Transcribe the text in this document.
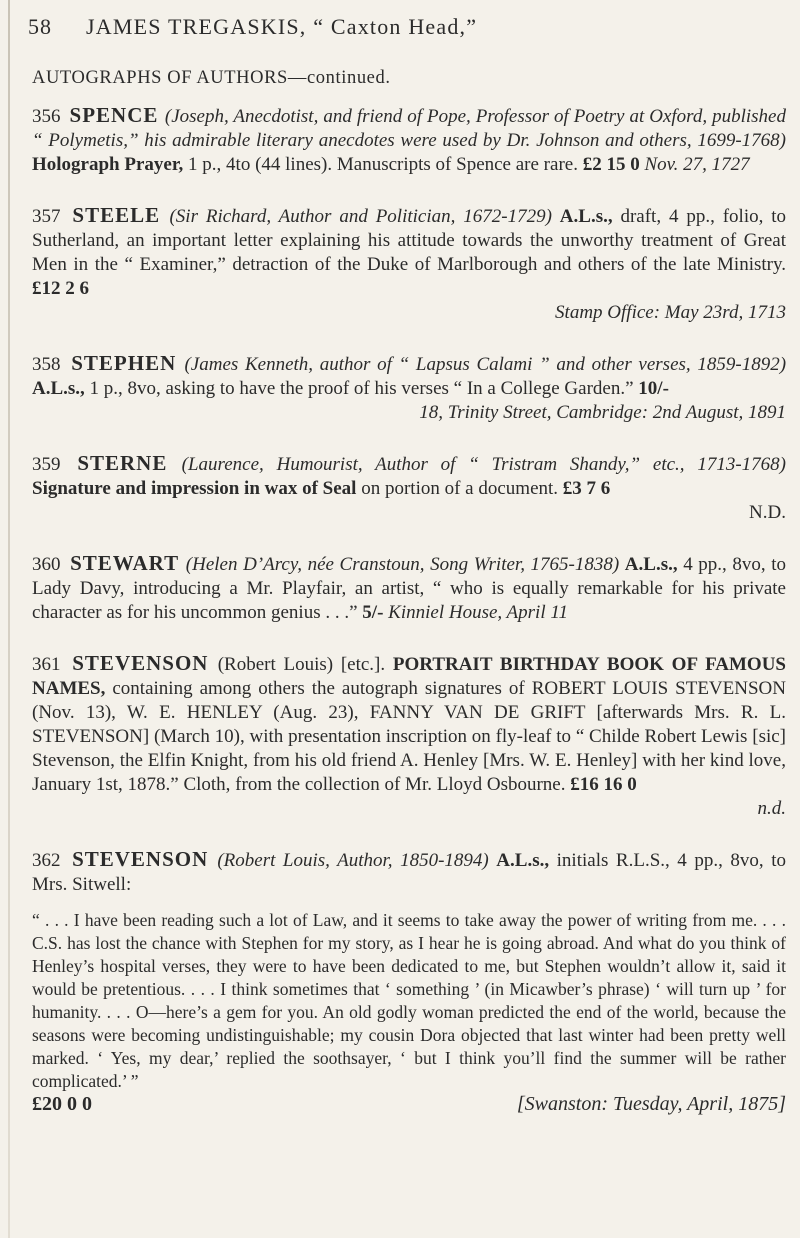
58 JAMES TREGASKIS, “ Caxton Head,”
AUTOGRAPHS OF AUTHORS—continued.
356 SPENCE (Joseph, Anecdotist, and friend of Pope, Professor of Poetry at Oxford, published “ Polymetis,” his admirable literary anecdotes were used by Dr. Johnson and others, 1699-1768) Holograph Prayer, 1 p., 4to (44 lines). Manuscripts of Spence are rare. £2 15 0 Nov. 27, 1727
357 STEELE (Sir Richard, Author and Politician, 1672-1729) A.L.s., draft, 4 pp., folio, to Sutherland, an important letter explaining his attitude towards the unworthy treatment of Great Men in the “ Examiner,” detraction of the Duke of Marlborough and others of the late Ministry. £12 2 6
Stamp Office: May 23rd, 1713
358 STEPHEN (James Kenneth, author of “ Lapsus Calami ” and other verses, 1859-1892) A.L.s., 1 p., 8vo, asking to have the proof of his verses “ In a College Garden.” 10/-
18, Trinity Street, Cambridge: 2nd August, 1891
359 STERNE (Laurence, Humourist, Author of “ Tristram Shandy,” etc., 1713-1768) Signature and impression in wax of Seal on portion of a document. £3 7 6
N.D.
360 STEWART (Helen D’Arcy, née Cranstoun, Song Writer, 1765-1838) A.L.s., 4 pp., 8vo, to Lady Davy, introducing a Mr. Playfair, an artist, “ who is equally remarkable for his private character as for his uncommon genius . . .” 5/- Kinniel House, April 11
361 STEVENSON (Robert Louis) [etc.]. PORTRAIT BIRTHDAY BOOK OF FAMOUS NAMES, containing among others the autograph signatures of ROBERT LOUIS STEVENSON (Nov. 13), W. E. HENLEY (Aug. 23), FANNY VAN DE GRIFT [afterwards Mrs. R. L. STEVENSON] (March 10), with presentation inscription on fly-leaf to “ Childe Robert Lewis [sic] Stevenson, the Elfin Knight, from his old friend A. Henley [Mrs. W. E. Henley] with her kind love, January 1st, 1878.” Cloth, from the collection of Mr. Lloyd Osbourne. £16 16 0
n.d.
362 STEVENSON (Robert Louis, Author, 1850-1894) A.L.s., initials R.L.S., 4 pp., 8vo, to Mrs. Sitwell:
“ . . . I have been reading such a lot of Law, and it seems to take away the power of writing from me. . . . C.S. has lost the chance with Stephen for my story, as I hear he is going abroad. And what do you think of Henley’s hospital verses, they were to have been dedicated to me, but Stephen wouldn’t allow it, said it would be pretentious. . . . I think sometimes that ‘ something ’ (in Micawber’s phrase) ‘ will turn up ’ for humanity. . . . O—here’s a gem for you. An old godly woman predicted the end of the world, because the seasons were becoming undistinguishable; my cousin Dora objected that last winter had been pretty well marked. ‘ Yes, my dear,’ replied the soothsayer, ‘ but I think you’ll find the summer will be rather complicated.’ ”
£20 0 0	[Swanston: Tuesday, April, 1875]
